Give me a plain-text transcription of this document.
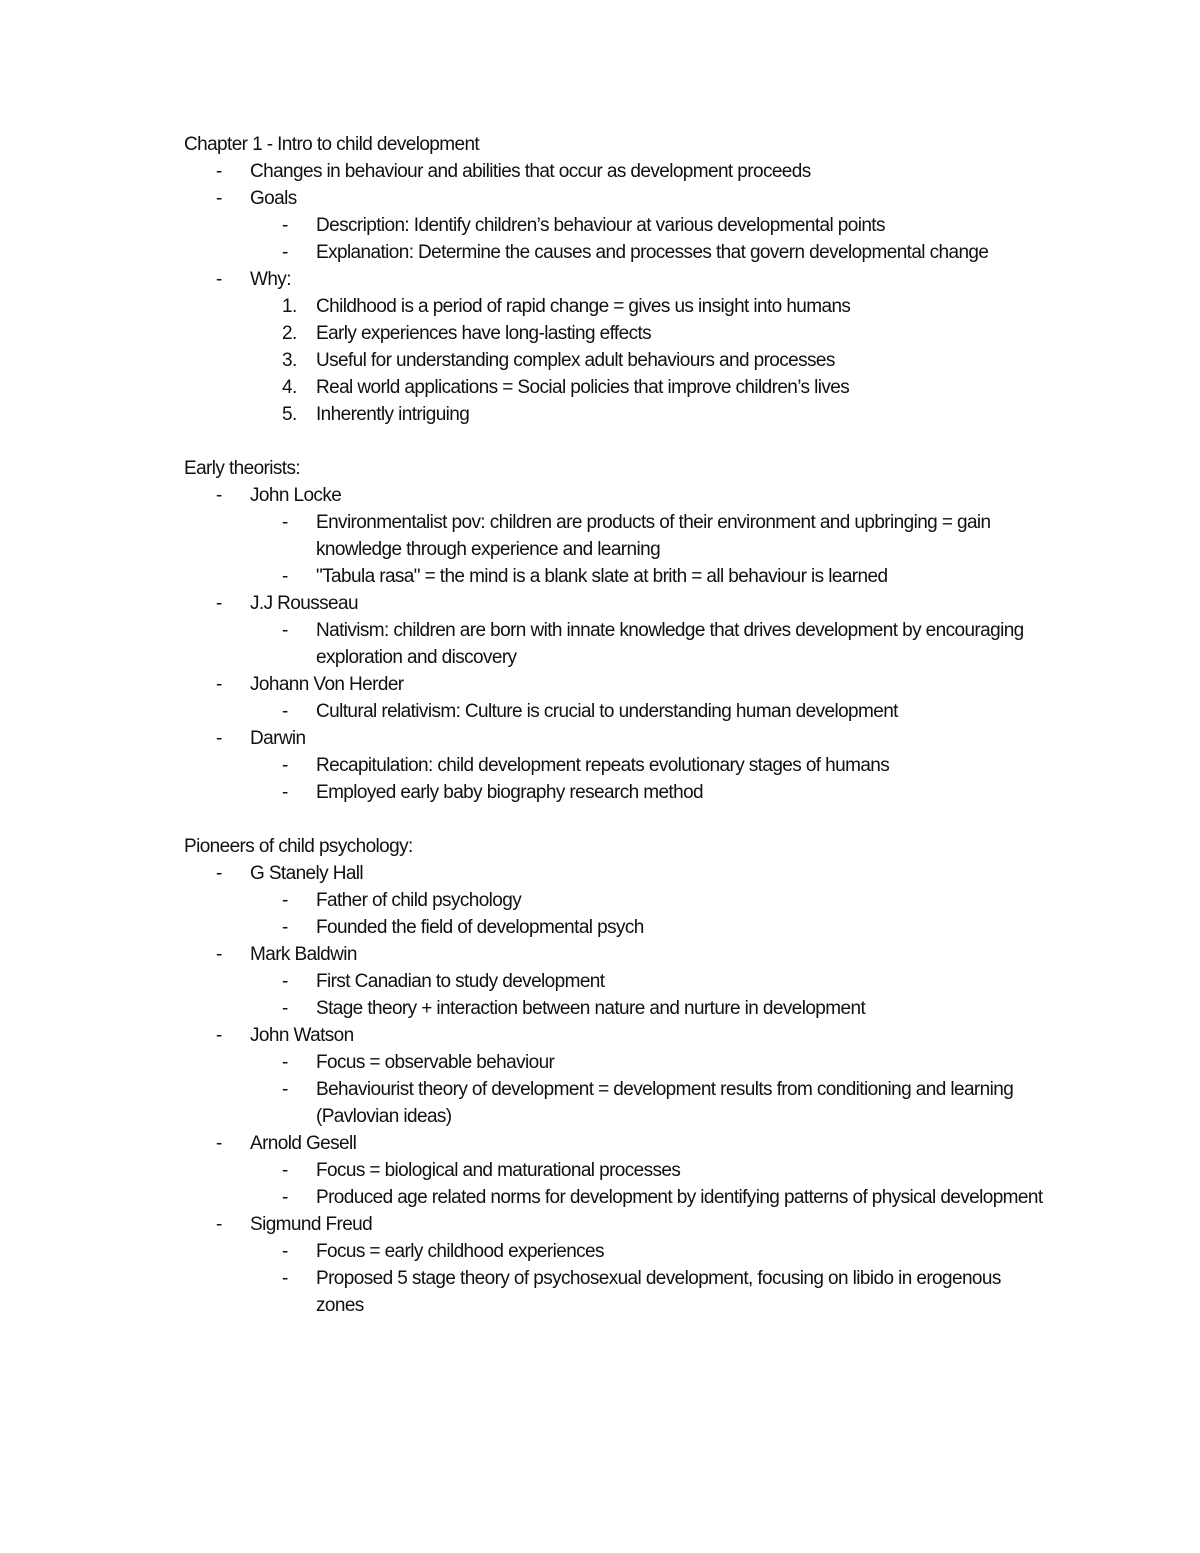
Chapter 1 - Intro to child development
-	Changes in behaviour and abilities that occur as development proceeds
-	Goals
-	Description: Identify children’s behaviour at various developmental points
-	Explanation: Determine the causes and processes that govern developmental change
-	Why:
1.	Childhood is a period of rapid change = gives us insight into humans
2.	Early experiences have long-lasting effects
3.	Useful for understanding complex adult behaviours and processes
4.	Real world applications = Social policies that improve children’s lives
5.	Inherently intriguing
Early theorists:
-	John Locke
-	Environmentalist pov: children are products of their environment and upbringing = gain knowledge through experience and learning
-	"Tabula rasa" = the mind is a blank slate at brith = all behaviour is learned
-	J.J Rousseau
-	Nativism: children are born with innate knowledge that drives development by encouraging exploration and discovery
-	Johann Von Herder
-	Cultural relativism: Culture is crucial to understanding human development
-	Darwin
-	Recapitulation: child development repeats evolutionary stages of humans
-	Employed early baby biography research method
Pioneers of child psychology:
-	G Stanely Hall
-	Father of child psychology
-	Founded the field of developmental psych
-	Mark Baldwin
-	First Canadian to study development
-	Stage theory + interaction between nature and nurture in development
-	John Watson
-	Focus = observable behaviour
-	Behaviourist theory of development = development results from conditioning and learning (Pavlovian ideas)
-	Arnold Gesell
-	Focus = biological and maturational processes
-	Produced age related norms for development by identifying patterns of physical development
-	Sigmund Freud
-	Focus = early childhood experiences
-	Proposed 5 stage theory of psychosexual development, focusing on libido in erogenous zones
